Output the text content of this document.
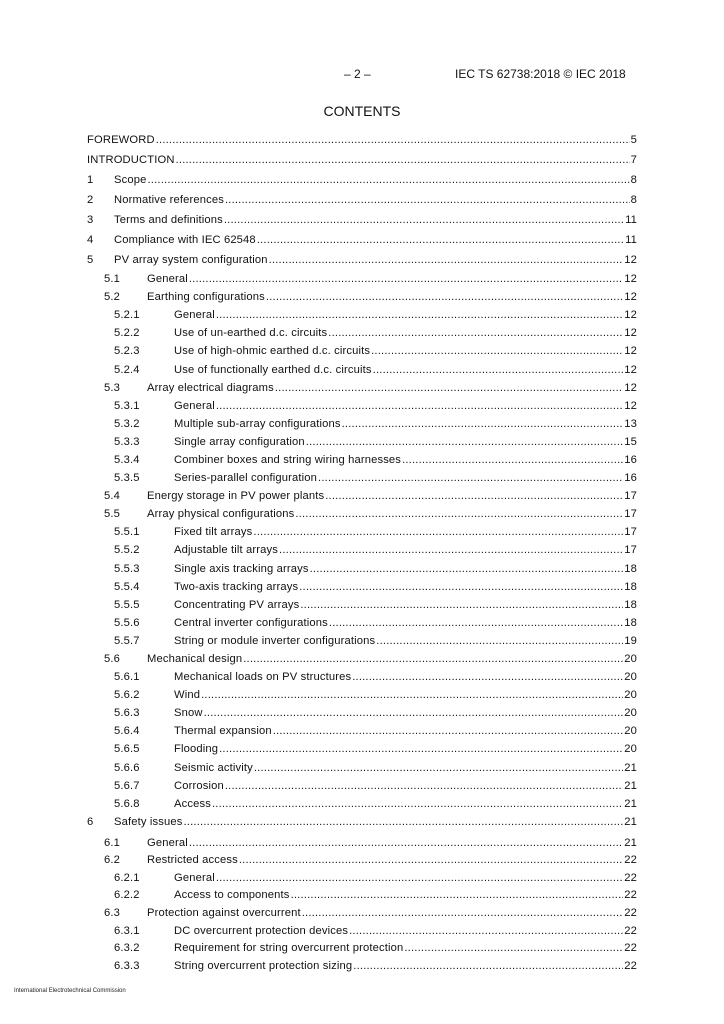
– 2 –	IEC TS 62738:2018 © IEC 2018
CONTENTS
FOREWORD .....	5
INTRODUCTION .....	7
1	Scope .....	8
2	Normative references .....	8
3	Terms and definitions .....	11
4	Compliance with IEC 62548 .....	11
5	PV array system configuration .....	12
5.1	General .....	12
5.2	Earthing configurations .....	12
5.2.1	General .....	12
5.2.2	Use of un-earthed d.c. circuits .....	12
5.2.3	Use of high-ohmic earthed d.c. circuits .....	12
5.2.4	Use of functionally earthed d.c. circuits .....	12
5.3	Array electrical diagrams .....	12
5.3.1	General .....	12
5.3.2	Multiple sub-array configurations .....	13
5.3.3	Single array configuration .....	15
5.3.4	Combiner boxes and string wiring harnesses .....	16
5.3.5	Series-parallel configuration .....	16
5.4	Energy storage in PV power plants .....	17
5.5	Array physical configurations .....	17
5.5.1	Fixed tilt arrays .....	17
5.5.2	Adjustable tilt arrays .....	17
5.5.3	Single axis tracking arrays .....	18
5.5.4	Two-axis tracking arrays .....	18
5.5.5	Concentrating PV arrays .....	18
5.5.6	Central inverter configurations .....	18
5.5.7	String or module inverter configurations .....	19
5.6	Mechanical design .....	20
5.6.1	Mechanical loads on PV structures .....	20
5.6.2	Wind .....	20
5.6.3	Snow .....	20
5.6.4	Thermal expansion .....	20
5.6.5	Flooding .....	20
5.6.6	Seismic activity .....	21
5.6.7	Corrosion .....	21
5.6.8	Access .....	21
6	Safety issues .....	21
6.1	General .....	21
6.2	Restricted access .....	22
6.2.1	General .....	22
6.2.2	Access to components .....	22
6.3	Protection against overcurrent .....	22
6.3.1	DC overcurrent protection devices .....	22
6.3.2	Requirement for string overcurrent protection .....	22
6.3.3	String overcurrent protection sizing .....	22
International Electrotechnical Commission
